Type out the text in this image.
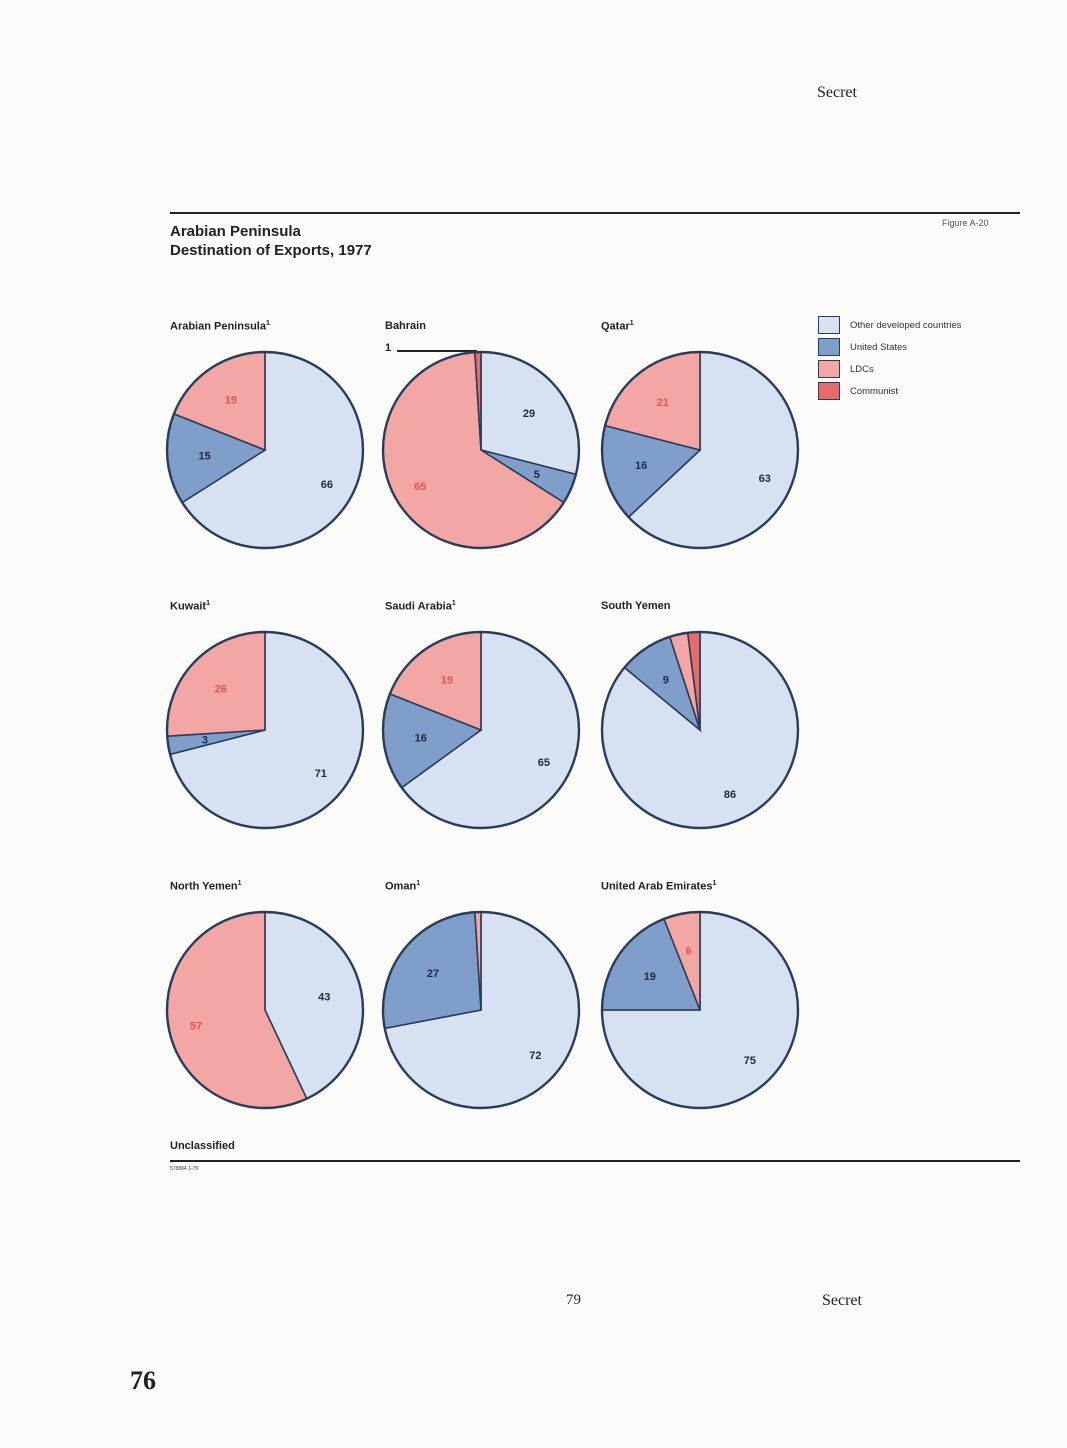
Secret
Arabian Peninsula
Destination of Exports, 1977
Figure A-20
Other developed countries
United States
LDCs
Communist
Arabian Peninsula$^1$	Bahrain	Qatar$^1$
Kuwait$^1$	Saudi Arabia$^1$	South Yemen
North Yemen$^1$	Oman$^1$	United Arab Emirates$^1$
1
66
15
19
29
5
65
63
16
21
71
3
26
65
16
19
86
9
43
57
72
27
75
19
6
Unclassified
578884 1-79
79	Secret
76
